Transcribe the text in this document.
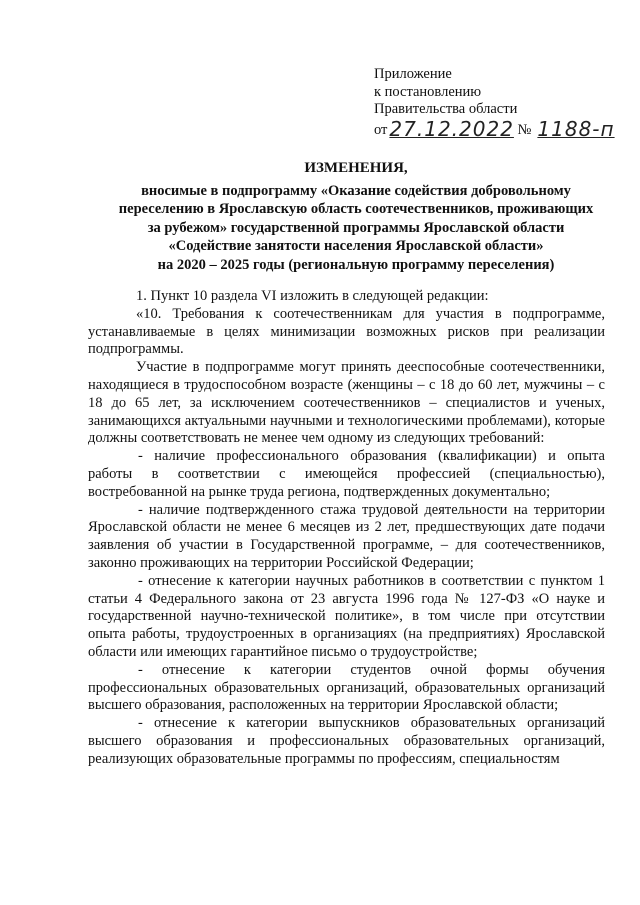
Приложение
к постановлению
Правительства области
от 27.12.2022 № 1188-п
ИЗМЕНЕНИЯ,
вносимые в подпрограмму «Оказание содействия добровольному
переселению в Ярославскую область соотечественников, проживающих
за рубежом» государственной программы Ярославской области
«Содействие занятости населения Ярославской области»
на 2020 – 2025 годы (региональную программу переселения)

1. Пункт 10 раздела VI изложить в следующей редакции:

«10. Требования к соотечественникам для участия в подпрограмме, устанавливаемые в целях минимизации возможных рисков при реализации подпрограммы.

Участие в подпрограмме могут принять дееспособные соотечественники, находящиеся в трудоспособном возрасте (женщины – с 18 до 60 лет, мужчины – с 18 до 65 лет, за исключением соотечественников – специалистов и ученых, занимающихся актуальными научными и технологическими проблемами), которые должны соответствовать не менее чем одному из следующих требований:

- наличие профессионального образования (квалификации) и опыта работы в соответствии с имеющейся профессией (специальностью), востребованной на рынке труда региона, подтвержденных документально;

- наличие подтвержденного стажа трудовой деятельности на территории Ярославской области не менее 6 месяцев из 2 лет, предшествующих дате подачи заявления об участии в Государственной программе, – для соотечественников, законно проживающих на территории Российской Федерации;

- отнесение к категории научных работников в соответствии с пунктом 1 статьи 4 Федерального закона от 23 августа 1996 года № 127-ФЗ «О науке и государственной научно-технической политике», в том числе при отсутствии опыта работы, трудоустроенных в организациях (на предприятиях) Ярославской области или имеющих гарантийное письмо о трудоустройстве;

- отнесение к категории студентов очной формы обучения профессиональных образовательных организаций, образовательных организаций высшего образования, расположенных на территории Ярославской области;

- отнесение к категории выпускников образовательных организаций высшего образования и профессиональных образовательных организаций, реализующих образовательные программы по профессиям, специальностям
